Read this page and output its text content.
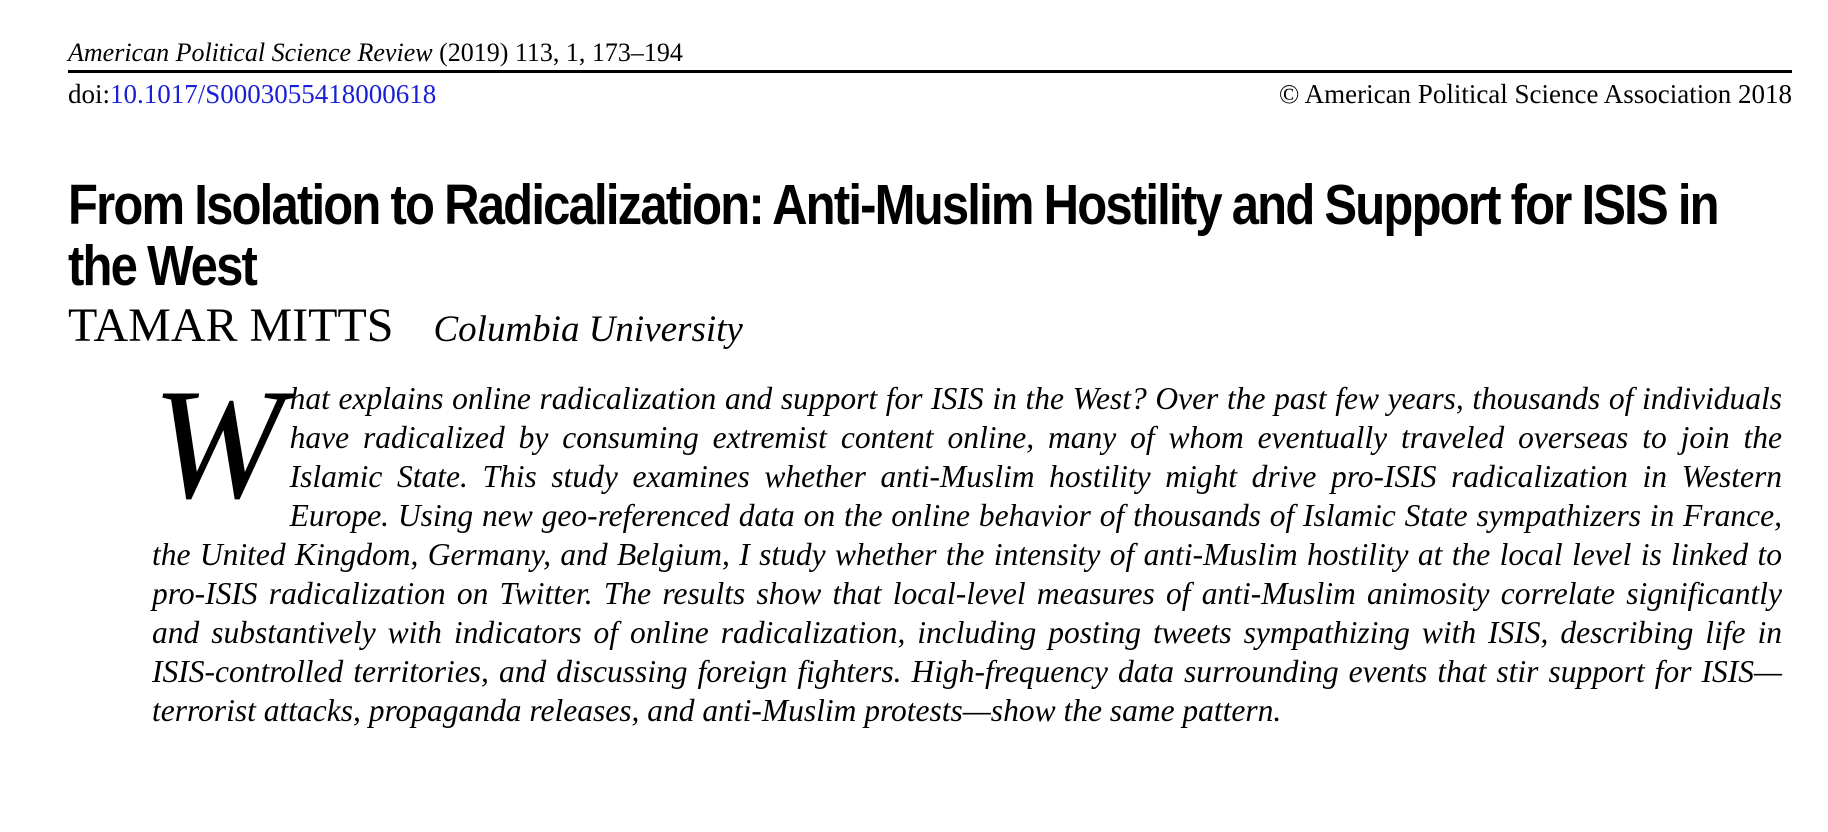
American Political Science Review (2019) 113, 1, 173–194
doi:10.1017/S0003055418000618	© American Political Science Association 2018
From Isolation to Radicalization: Anti-Muslim Hostility and Support for ISIS in the West
TAMAR MITTS Columbia University
What explains online radicalization and support for ISIS in the West? Over the past few years, thousands of individuals have radicalized by consuming extremist content online, many of whom eventually traveled overseas to join the Islamic State. This study examines whether anti-Muslim hostility might drive pro-ISIS radicalization in Western Europe. Using new geo-referenced data on the online behavior of thousands of Islamic State sympathizers in France, the United Kingdom, Germany, and Belgium, I study whether the intensity of anti-Muslim hostility at the local level is linked to pro-ISIS radicalization on Twitter. The results show that local-level measures of anti-Muslim animosity correlate significantly and substantively with indicators of online radicalization, including posting tweets sympathizing with ISIS, describing life in ISIS-controlled territories, and discussing foreign fighters. High-frequency data surrounding events that stir support for ISIS—terrorist attacks, propaganda releases, and anti-Muslim protests—show the same pattern.
